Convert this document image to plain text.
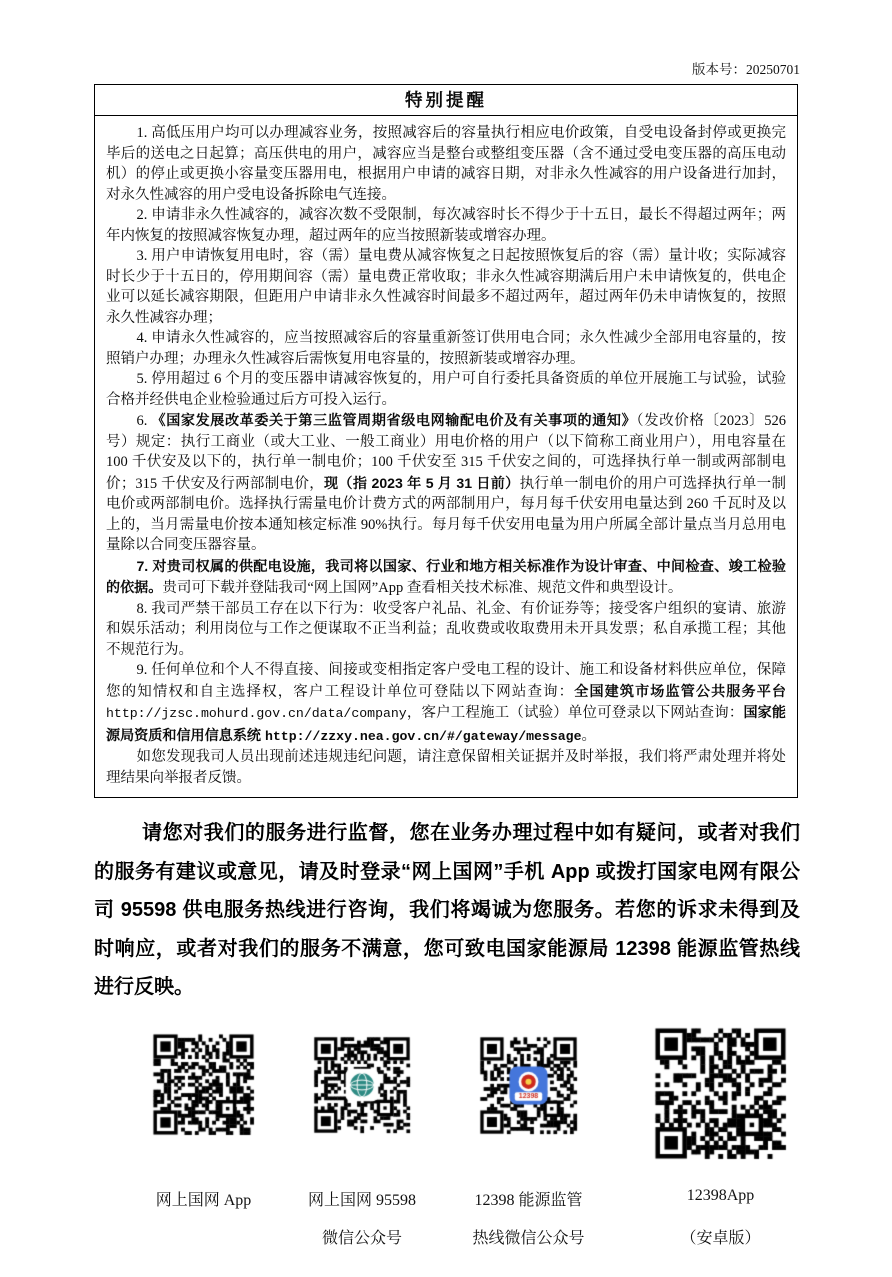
版本号：20250701
特别提醒

1. 高低压用户均可以办理减容业务，按照减容后的容量执行相应电价政策，自受电设备封停或更换完毕后的送电之日起算；高压供电的用户，减容应当是整台或整组变压器（含不通过受电变压器的高压电动机）的停止或更换小容量变压器用电，根据用户申请的减容日期，对非永久性减容的用户设备进行加封，对永久性减容的用户受电设备拆除电气连接。

2. 申请非永久性减容的，减容次数不受限制，每次减容时长不得少于十五日，最长不得超过两年；两年内恢复的按照减容恢复办理，超过两年的应当按照新装或增容办理。

3. 用户申请恢复用电时，容（需）量电费从减容恢复之日起按照恢复后的容（需）量计收；实际减容时长少于十五日的，停用期间容（需）量电费正常收取；非永久性减容期满后用户未申请恢复的，供电企业可以延长减容期限，但距用户申请非永久性减容时间最多不超过两年，超过两年仍未申请恢复的，按照永久性减容办理；

4. 申请永久性减容的，应当按照减容后的容量重新签订供用电合同；永久性减少全部用电容量的，按照销户办理；办理永久性减容后需恢复用电容量的，按照新装或增容办理。

5. 停用超过 6 个月的变压器申请减容恢复的，用户可自行委托具备资质的单位开展施工与试验，试验合格并经供电企业检验通过后方可投入运行。

6. 《国家发展改革委关于第三监管周期省级电网输配电价及有关事项的通知》（发改价格〔2023〕526 号）规定：执行工商业（或大工业、一般工商业）用电价格的用户（以下简称工商业用户），用电容量在 100 千伏安及以下的，执行单一制电价；100 千伏安至 315 千伏安之间的，可选择执行单一制或两部制电价；315 千伏安及行两部制电价，现（指 2023 年 5 月 31 日前）执行单一制电价的用户可选择执行单一制电价或两部制电价。选择执行需量电价计费方式的两部制用户，每月每千伏安用电量达到 260 千瓦时及以上的，当月需量电价按本通知核定标准 90%执行。每月每千伏安用电量为用户所属全部计量点当月总用电量除以合同变压器容量。

7. 对贵司权属的供配电设施，我司将以国家、行业和地方相关标准作为设计审查、中间检查、竣工检验的依据。贵司可下载并登陆我司“网上国网”App 查看相关技术标准、规范文件和典型设计。

8. 我司严禁干部员工存在以下行为：收受客户礼品、礼金、有价证券等；接受客户组织的宴请、旅游和娱乐活动；利用岗位与工作之便谋取不正当利益；乱收费或收取费用未开具发票；私自承揽工程；其他不规范行为。

9. 任何单位和个人不得直接、间接或变相指定客户受电工程的设计、施工和设备材料供应单位，保障您的知情权和自主选择权，客户工程设计单位可登陆以下网站查询：全国建筑市场监管公共服务平台http://jzsc.mohurd.gov.cn/data/company，客户工程施工（试验）单位可登录以下网站查询：国家能源局资质和信用信息系统 http://zzxy.nea.gov.cn/#/gateway/message。

如您发现我司人员出现前述违规违纪问题，请注意保留相关证据并及时举报，我们将严肃处理并将处理结果向举报者反馈。

请您对我们的服务进行监督，您在业务办理过程中如有疑问，或者对我们的服务有建议或意见，请及时登录“网上国网”手机 App 或拨打国家电网有限公司 95598 供电服务热线进行咨询，我们将竭诚为您服务。若您的诉求未得到及时响应，或者对我们的服务不满意，您可致电国家能源局 12398 能源监管热线进行反映。
网上国网 App	网上国网 95598
微信公众号
12398 能源监管
热线微信公众号
12398App
（安卓版）
